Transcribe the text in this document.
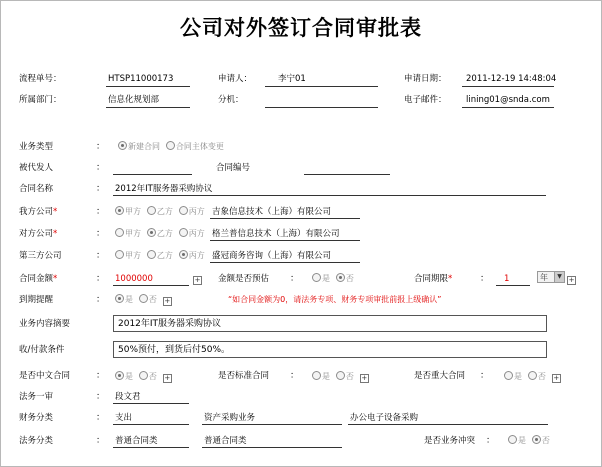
公司对外签订合同审批表
流程单号：	HTSP11000173	申请人：	李宁01	申请日期： 2011-12-19 14:48:04
所属部门：	信息化规划部	分机：	电子邮件： lining01@snda.com
业务类型	：	新建合同 合同主体变更
被代发人	：	合同编号
合同名称	： 2012年IT服务器采购协议
我方公司*	：	甲方 乙方 丙方 吉象信息技术（上海）有限公司
对方公司*	：	甲方 乙方 丙方 格兰普信息技术（上海）有限公司
第三方公司	：	甲方 乙方 丙方 盛冠商务咨询（上海）有限公司
合同金额*	： 1000000	+ 金额是否预估 ：	是 否	合同期限*	： 1	年	▼ +
到期提醒	：	是 否 +	“如合同金额为0，请法务专项、财务专项审批前报上级确认”
业务内容摘要	2012年IT服务器采购协议
收/付款条件	50%预付，到货后付50%。
是否中文合同	：	是 否 +	是否标准合同 ：	是 否 +	是否重大合同 ：	是 否 +
法务一审	： 段文君
财务分类	： 支出	资产采购业务	办公电子设备采购
法务分类	： 普通合同类	普通合同类	是否业务冲突 ：	是 否
